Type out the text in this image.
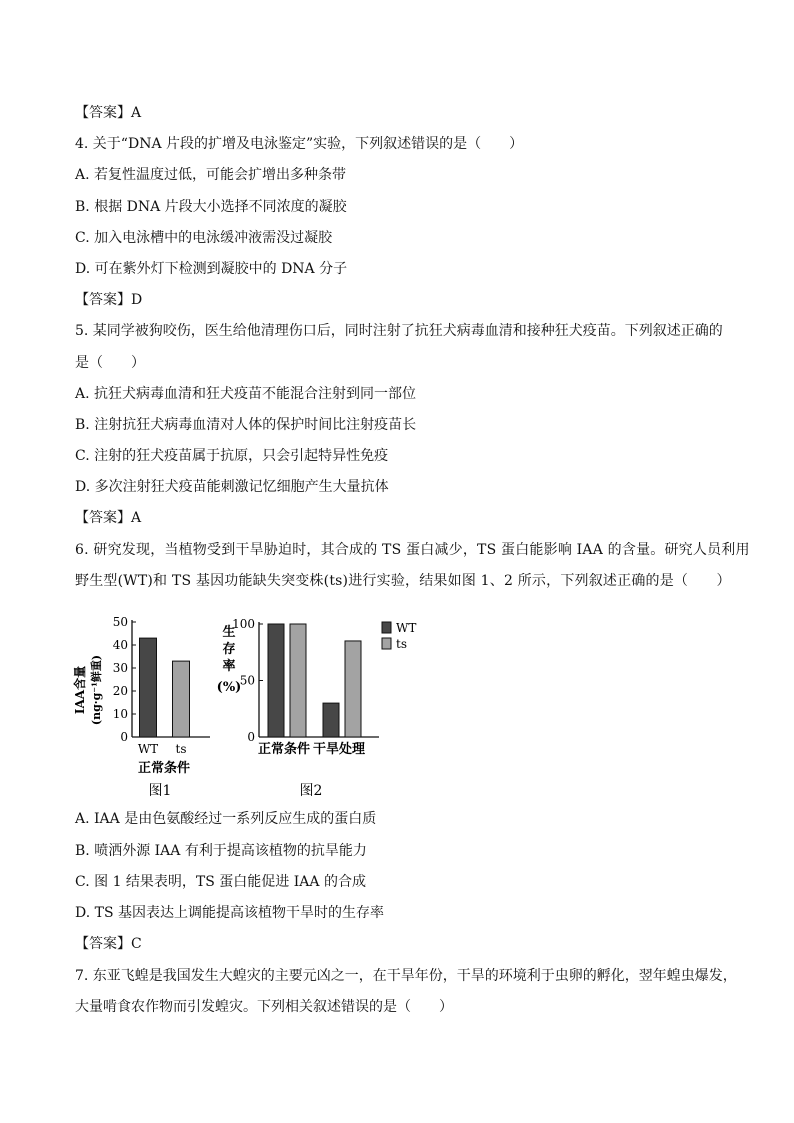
【答案】A
4. 关于“DNA 片段的扩增及电泳鉴定”实验，下列叙述错误的是（　　）
A. 若复性温度过低，可能会扩增出多种条带
B. 根据 DNA 片段大小选择不同浓度的凝胶
C. 加入电泳槽中的电泳缓冲液需没过凝胶
D. 可在紫外灯下检测到凝胶中的 DNA 分子
【答案】D
5. 某同学被狗咬伤，医生给他清理伤口后，同时注射了抗狂犬病毒血清和接种狂犬疫苗。下列叙述正确的
是（　　）
A. 抗狂犬病毒血清和狂犬疫苗不能混合注射到同一部位
B. 注射抗狂犬病毒血清对人体的保护时间比注射疫苗长
C. 注射的狂犬疫苗属于抗原，只会引起特异性免疫
D. 多次注射狂犬疫苗能刺激记忆细胞产生大量抗体
【答案】A
6. 研究发现，当植物受到干旱胁迫时，其合成的 TS 蛋白减少，TS 蛋白能影响 IAA 的含量。研究人员利用
野生型(WT)和 TS 基因功能缺失突变株(ts)进行实验，结果如图 1、2 所示，下列叙述正确的是（　　）
IAA含量 (ng·g⁻¹鲜重)
正常条件
图1
0
10
20
30
40
50
WT ts
图2
生
存
率
(%)
0
50
100
正常条件 干旱处理
WT
ts
A. IAA 是由色氨酸经过一系列反应生成的蛋白质
B. 喷洒外源 IAA 有利于提高该植物的抗旱能力
C. 图 1 结果表明，TS 蛋白能促进 IAA 的合成
D. TS 基因表达上调能提高该植物干旱时的生存率
【答案】C
7. 东亚飞蝗是我国发生大蝗灾的主要元凶之一，在干旱年份，干旱的环境利于虫卵的孵化，翌年蝗虫爆发，
大量啃食农作物而引发蝗灾。下列相关叙述错误的是（　　）
